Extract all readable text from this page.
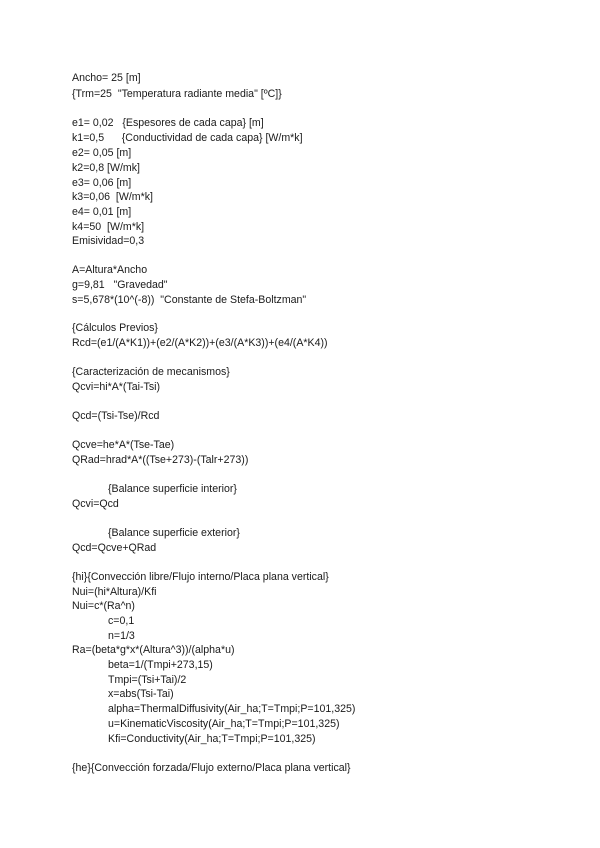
Ancho= 25 [m]
{Trm=25  "Temperatura radiante media" [ºC]}
e1= 0,02   {Espesores de cada capa} [m]
k1=0,5      {Conductividad de cada capa} [W/m*k]
e2= 0,05 [m]
k2=0,8 [W/mk]
e3= 0,06 [m]
k3=0,06  [W/m*k]
e4= 0,01 [m]
k4=50  [W/m*k]
Emisividad=0,3
A=Altura*Ancho
g=9,81   "Gravedad"
s=5,678*(10^(-8))  "Constante de Stefa-Boltzman"
{Cálculos Previos}
Rcd=(e1/(A*K1))+(e2/(A*K2))+(e3/(A*K3))+(e4/(A*K4))
{Caracterización de mecanismos}
Qcvi=hi*A*(Tai-Tsi)
Qcd=(Tsi-Tse)/Rcd
Qcve=he*A*(Tse-Tae)
QRad=hrad*A*((Tse+273)-(Talr+273))
{Balance superficie interior}
Qcvi=Qcd
{Balance superficie exterior}
Qcd=Qcve+QRad
{hi}{Convección libre/Flujo interno/Placa plana vertical}
Nui=(hi*Altura)/Kfi
Nui=c*(Ra^n)
c=0,1
n=1/3
Ra=(beta*g*x*(Altura^3))/(alpha*u)
beta=1/(Tmpi+273,15)
Tmpi=(Tsi+Tai)/2
x=abs(Tsi-Tai)
alpha=ThermalDiffusivity(Air_ha;T=Tmpi;P=101,325)
u=KinematicViscosity(Air_ha;T=Tmpi;P=101,325)
Kfi=Conductivity(Air_ha;T=Tmpi;P=101,325)
{he}{Convección forzada/Flujo externo/Placa plana vertical}
